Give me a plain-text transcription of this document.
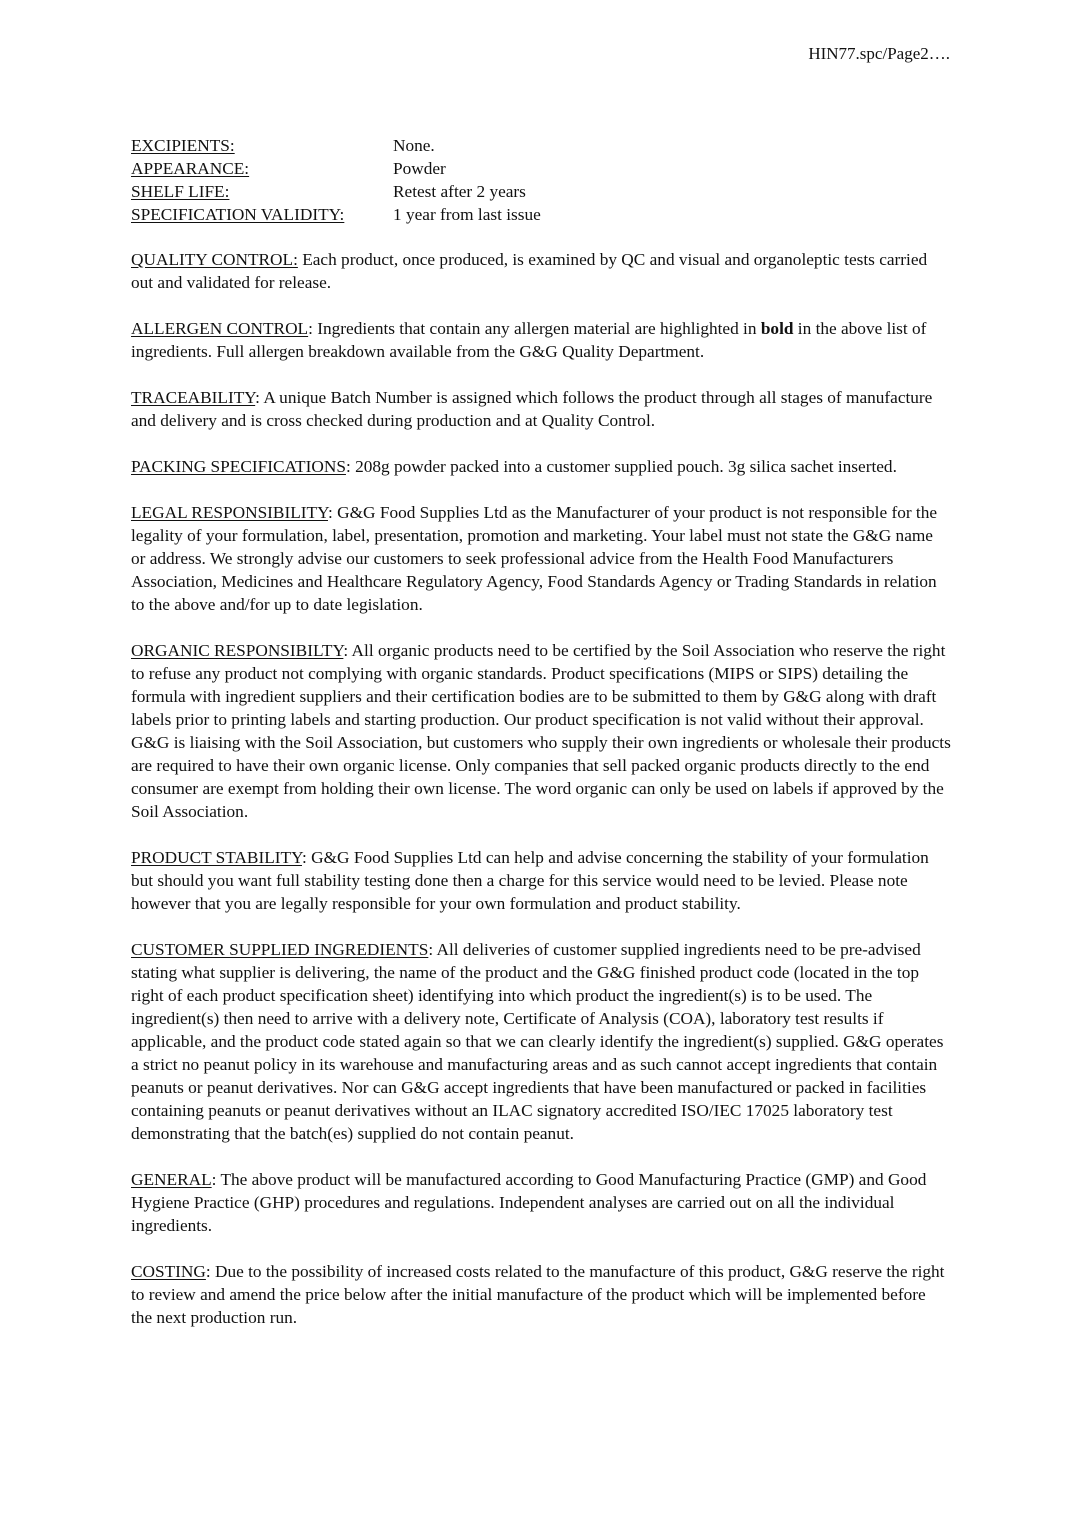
HIN77.spc/Page2….
EXCIPIENTS:	None.
APPEARANCE:	Powder
SHELF LIFE:	Retest after 2 years
SPECIFICATION VALIDITY:	1 year from last issue

QUALITY CONTROL: Each product, once produced, is examined by QC and visual and organoleptic tests carried out and validated for release.

ALLERGEN CONTROL: Ingredients that contain any allergen material are highlighted in bold in the above list of ingredients. Full allergen breakdown available from the G&G Quality Department.

TRACEABILITY: A unique Batch Number is assigned which follows the product through all stages of manufacture and delivery and is cross checked during production and at Quality Control.

PACKING SPECIFICATIONS: 208g powder packed into a customer supplied pouch. 3g silica sachet inserted.

LEGAL RESPONSIBILITY: G&G Food Supplies Ltd as the Manufacturer of your product is not responsible for the legality of your formulation, label, presentation, promotion and marketing. Your label must not state the G&G name or address. We strongly advise our customers to seek professional advice from the Health Food Manufacturers Association, Medicines and Healthcare Regulatory Agency, Food Standards Agency or Trading Standards in relation to the above and/for up to date legislation.

ORGANIC RESPONSIBILTY: All organic products need to be certified by the Soil Association who reserve the right to refuse any product not complying with organic standards. Product specifications (MIPS or SIPS) detailing the formula with ingredient suppliers and their certification bodies are to be submitted to them by G&G along with draft labels prior to printing labels and starting production. Our product specification is not valid without their approval. G&G is liaising with the Soil Association, but customers who supply their own ingredients or wholesale their products are required to have their own organic license. Only companies that sell packed organic products directly to the end consumer are exempt from holding their own license. The word organic can only be used on labels if approved by the Soil Association.

PRODUCT STABILITY: G&G Food Supplies Ltd can help and advise concerning the stability of your formulation but should you want full stability testing done then a charge for this service would need to be levied. Please note however that you are legally responsible for your own formulation and product stability.

CUSTOMER SUPPLIED INGREDIENTS: All deliveries of customer supplied ingredients need to be pre-advised stating what supplier is delivering, the name of the product and the G&G finished product code (located in the top right of each product specification sheet) identifying into which product the ingredient(s) is to be used. The ingredient(s) then need to arrive with a delivery note, Certificate of Analysis (COA), laboratory test results if applicable, and the product code stated again so that we can clearly identify the ingredient(s) supplied. G&G operates a strict no peanut policy in its warehouse and manufacturing areas and as such cannot accept ingredients that contain peanuts or peanut derivatives. Nor can G&G accept ingredients that have been manufactured or packed in facilities containing peanuts or peanut derivatives without an ILAC signatory accredited ISO/IEC 17025 laboratory test demonstrating that the batch(es) supplied do not contain peanut.

GENERAL: The above product will be manufactured according to Good Manufacturing Practice (GMP) and Good Hygiene Practice (GHP) procedures and regulations. Independent analyses are carried out on all the individual ingredients.

COSTING: Due to the possibility of increased costs related to the manufacture of this product, G&G reserve the right to review and amend the price below after the initial manufacture of the product which will be implemented before the next production run.
